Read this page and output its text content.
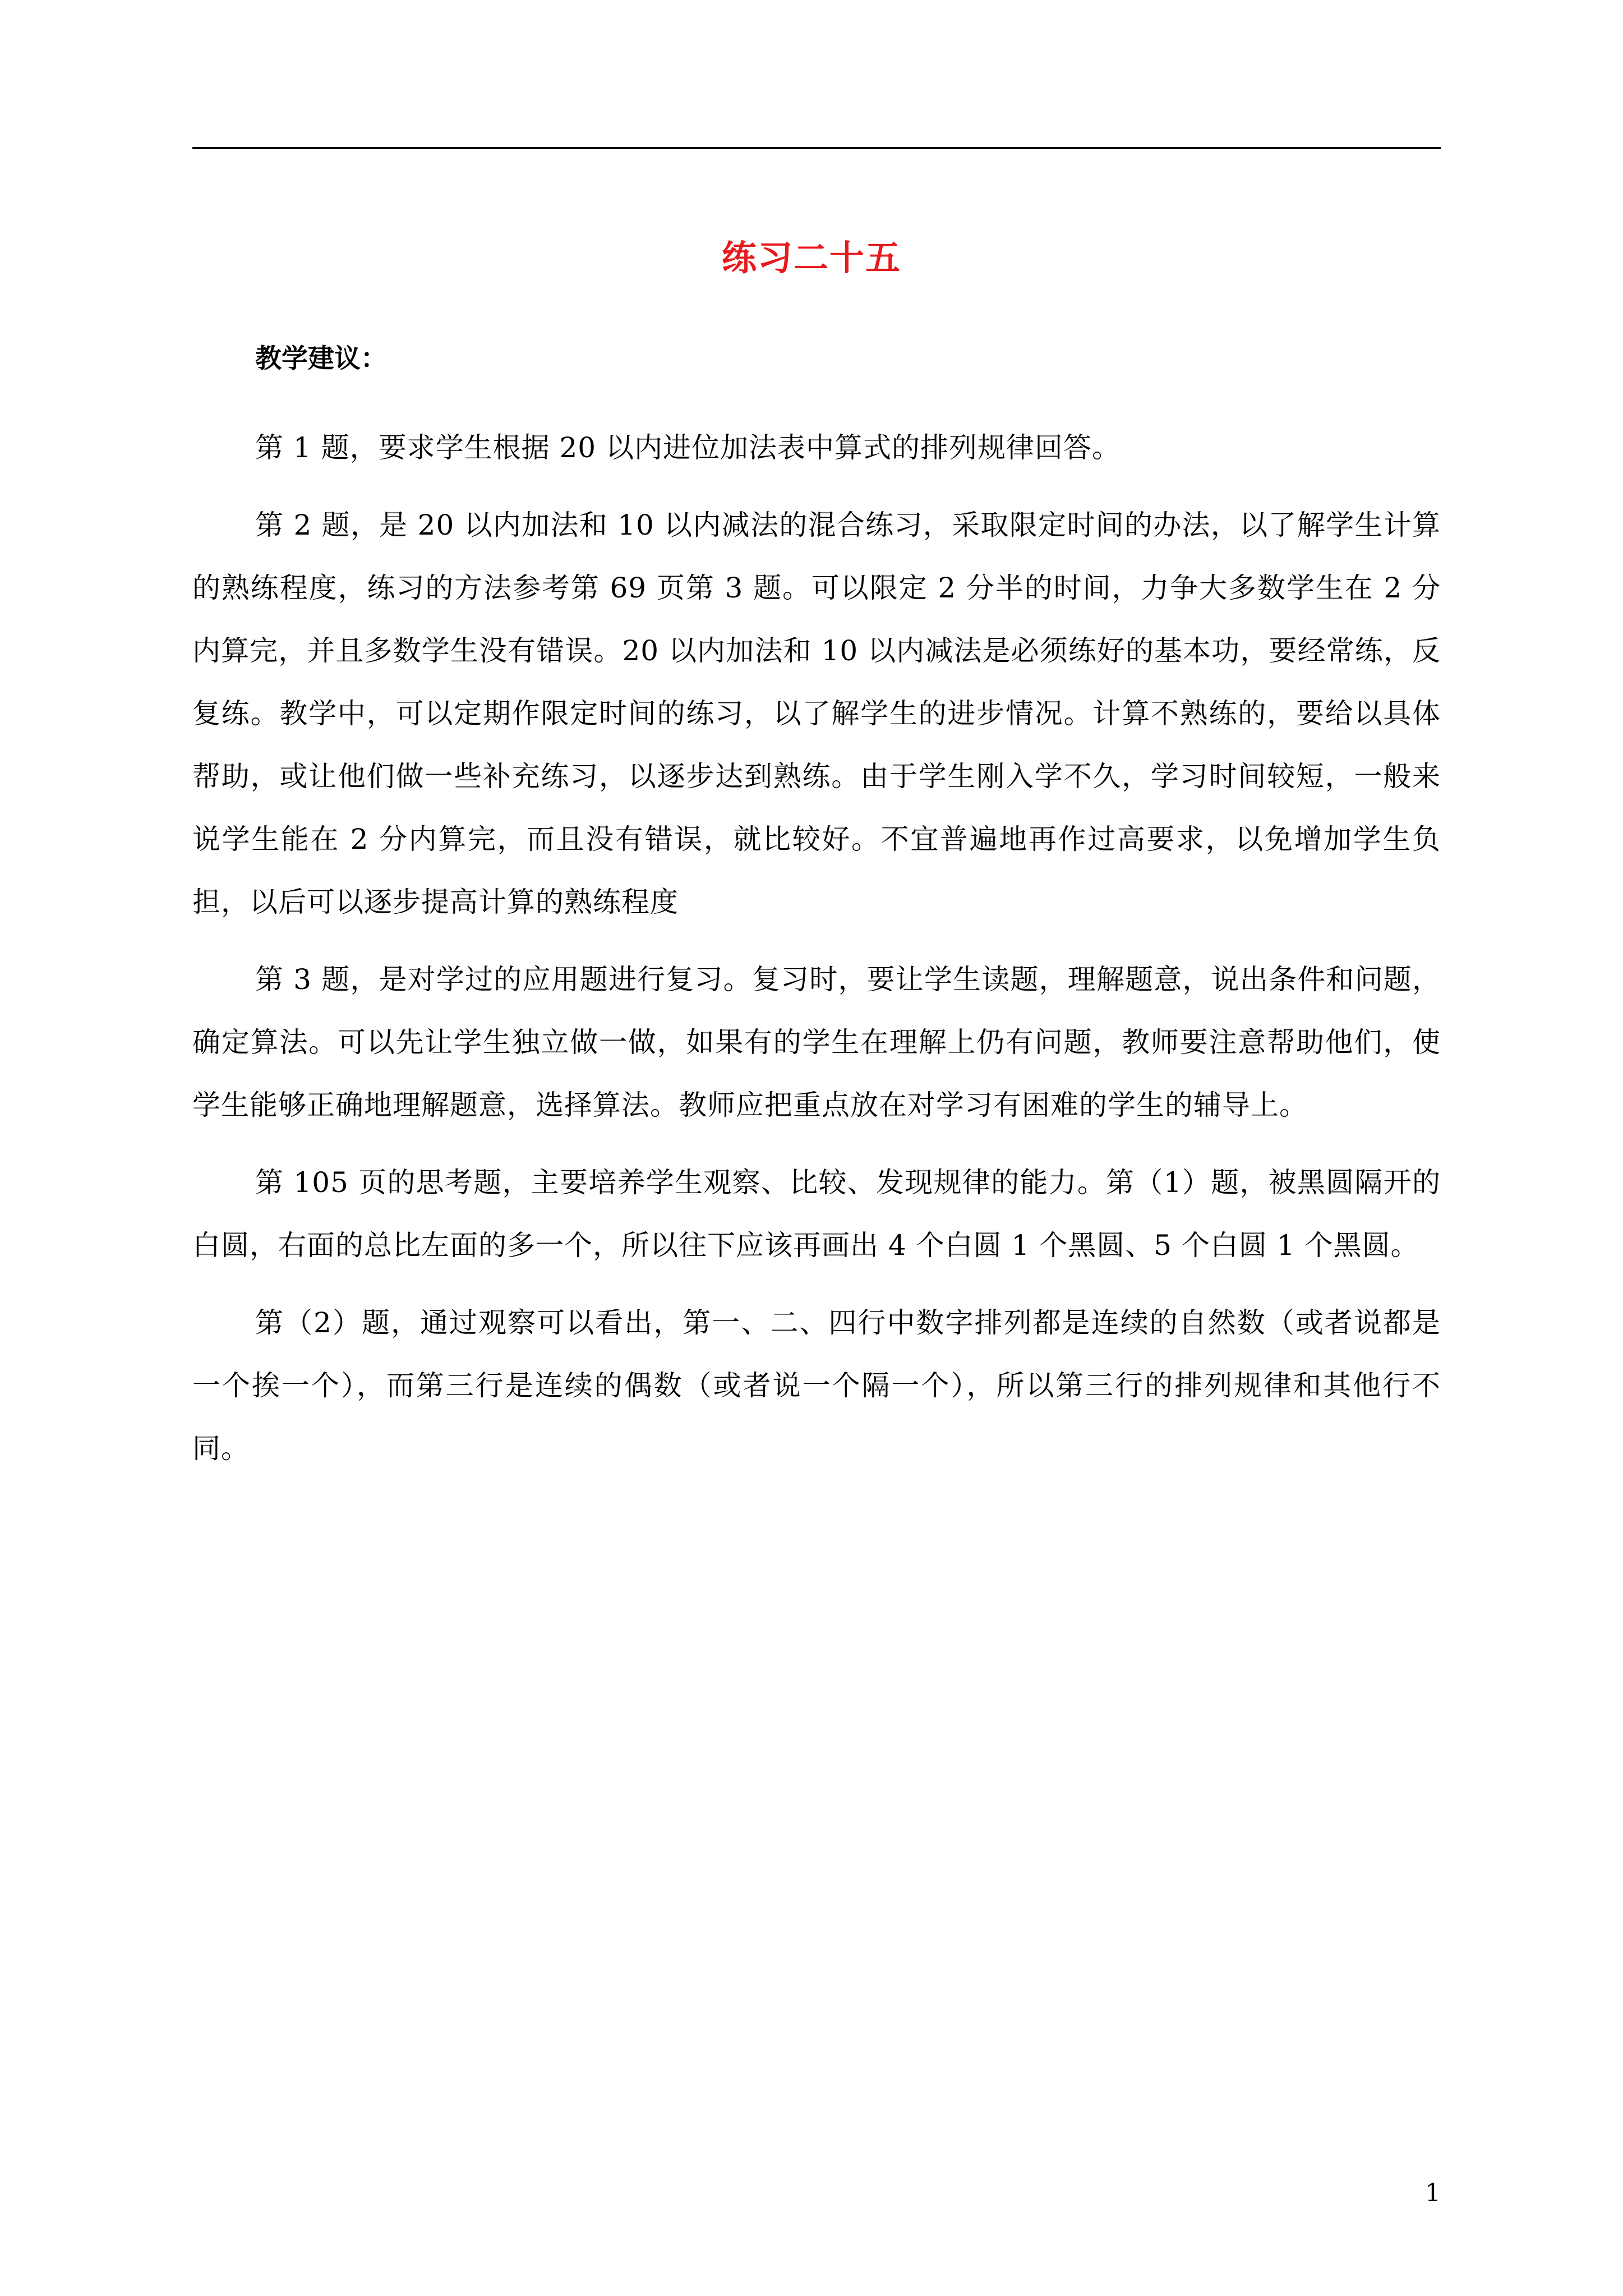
练习二十五
教学建议：

第 1 题，要求学生根据 20 以内进位加法表中算式的排列规律回答。

第 2 题，是 20 以内加法和 10 以内减法的混合练习，采取限定时间的办法，以了解学生计算的熟练程度，练习的方法参考第 69 页第 3 题。可以限定 2 分半的时间，力争大多数学生在 2 分内算完，并且多数学生没有错误。20 以内加法和 10 以内减法是必须练好的基本功，要经常练，反复练。教学中，可以定期作限定时间的练习，以了解学生的进步情况。计算不熟练的，要给以具体帮助，或让他们做一些补充练习，以逐步达到熟练。由于学生刚入学不久，学习时间较短，一般来说学生能在 2 分内算完，而且没有错误，就比较好。不宜普遍地再作过高要求，以免增加学生负担，以后可以逐步提高计算的熟练程度

第 3 题，是对学过的应用题进行复习。复习时，要让学生读题，理解题意，说出条件和问题，确定算法。可以先让学生独立做一做，如果有的学生在理解上仍有问题，教师要注意帮助他们，使学生能够正确地理解题意，选择算法。教师应把重点放在对学习有困难的学生的辅导上。

第 105 页的思考题，主要培养学生观察、比较、发现规律的能力。第（1）题，被黑圆隔开的白圆，右面的总比左面的多一个，所以往下应该再画出 4 个白圆 1 个黑圆、5 个白圆 1 个黑圆。

第（2）题，通过观察可以看出，第一、二、四行中数字排列都是连续的自然数（或者说都是一个挨一个），而第三行是连续的偶数（或者说一个隔一个），所以第三行的排列规律和其他行不同。

1
